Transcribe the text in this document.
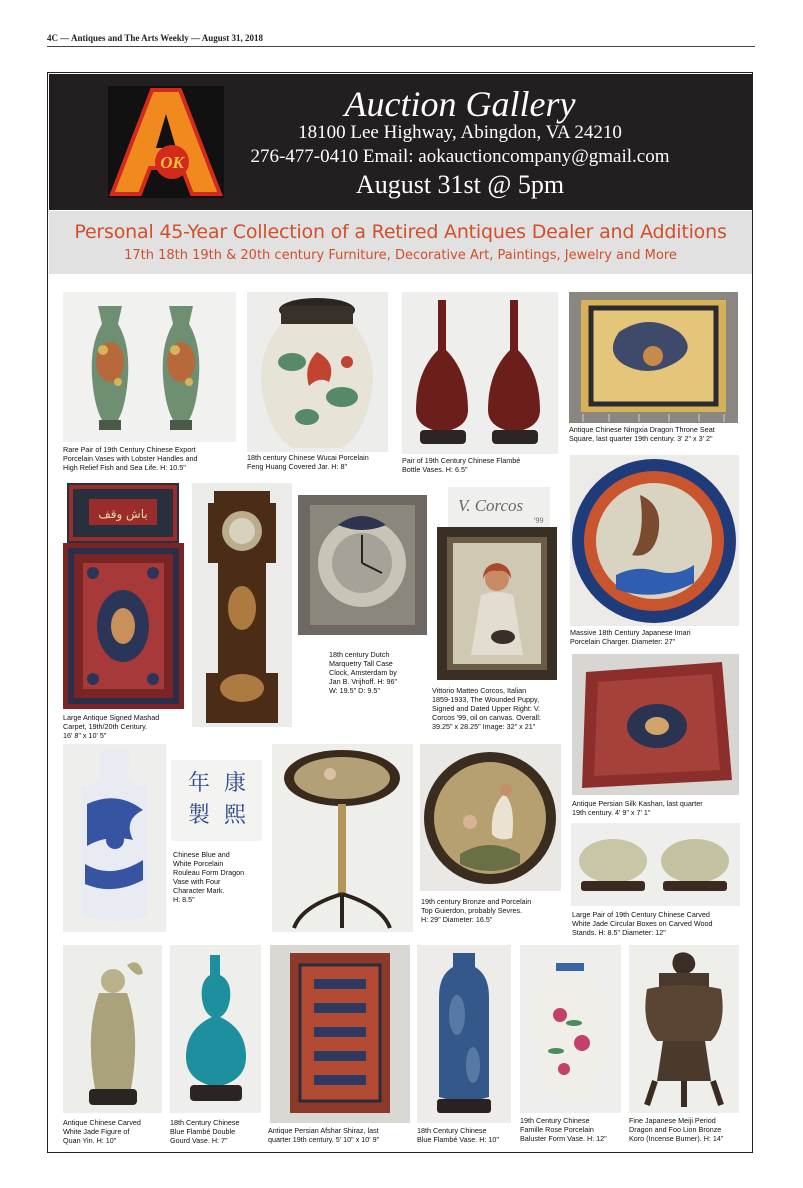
4C — Antiques and The Arts Weekly — August 31, 2018
OK
Auction Gallery
18100 Lee Highway, Abingdon, VA 24210
276-477-0410 Email: aokauctioncompany@gmail.com
August 31st @ 5pm
Personal 45-Year Collection of a Retired Antiques Dealer and Additions
17th 18th 19th & 20th century Furniture, Decorative Art, Paintings, Jewelry and More
Rare Pair of 19th Century Chinese Export
Porcelain Vases with Lobster Handles and
High Relief Fish and Sea Life. H: 10.5"
18th century Chinese Wucai Porcelain
Feng Huang Covered Jar. H: 8"
Pair of 19th Century Chinese Flambé
Bottle Vases. H: 6.5"
Antique Chinese Ningxia Dragon Throne Seat
Square, last quarter 19th century. 3' 2" x 3' 2"
باش وقف
Large Antique Signed Mashad
Carpet, 19th/20th Century.
16' 8" x 10' 5"
18th century Dutch
Marquetry Tall Case
Clock, Amsterdam by
Jan B. Vrijhoff. H: 96"
W: 19.5" D: 9.5"
V. Corcos
'99
Vittorio Matteo Corcos, Italian
1859-1933, The Wounded Puppy,
Signed and Dated Upper Right: V.
Corcos '99, oil on canvas. Overall:
39.25" x 28.25" Image: 32" x 21"
Massive 18th Century Japanese Imari
Porcelain Charger. Diameter: 27"
Antique Persian Silk Kashan, last quarter
19th century. 4' 9" x 7' 1"
康
熙
年
製
Chinese Blue and
White Porcelain
Rouleau Form Dragon
Vase with Four
Character Mark.
H: 8.5"	19th century Bronze and Porcelain
Top Guierdon, probably Sevres.
H: 29" Diameter: 16.5"
Large Pair of 19th Century Chinese Carved
White Jade Circular Boxes on Carved Wood
Stands. H: 8.5" Diameter: 12"
Antique Chinese Carved
White Jade Figure of
Quan Yin. H: 10"
18th Century Chinese
Blue Flambé Double
Gourd Vase. H: 7"
Antique Persian Afshar Shiraz, last
quarter 19th century. 5' 10" x 10' 9"
18th Century Chinese
Blue Flambé Vase. H: 10"
19th Century Chinese
Famille Rose Porcelain
Baluster Form Vase. H: 12"
Fine Japanese Meiji Period
Dragon and Foo Lion Bronze
Koro (Incense Burner). H: 14"
